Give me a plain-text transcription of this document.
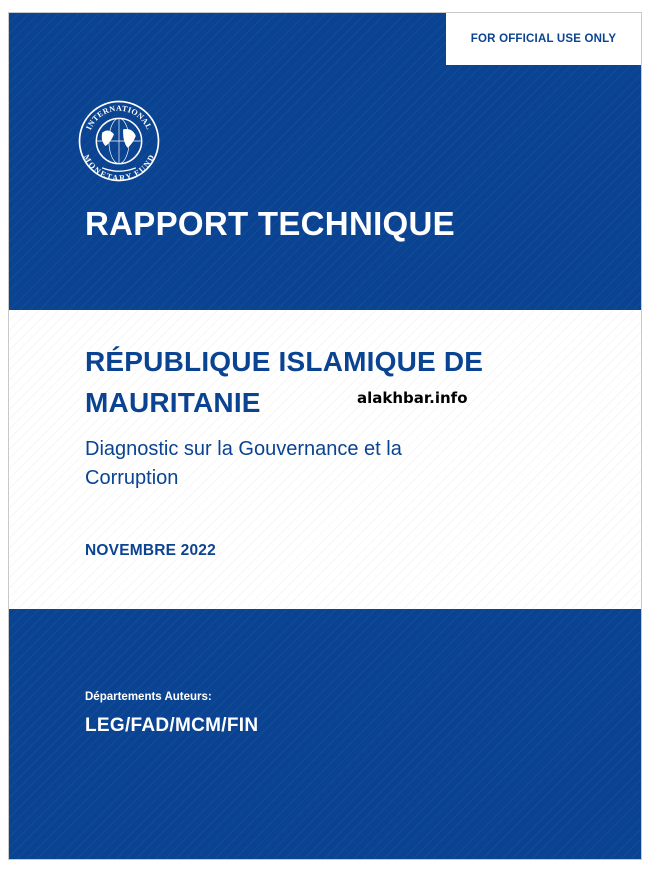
FOR OFFICIAL USE ONLY
INTERNATIONAL
MONETARY FUND
RAPPORT TECHNIQUE
RÉPUBLIQUE ISLAMIQUE DE
MAURITANIE	alakhbar.info
Diagnostic sur la Gouvernance et la
Corruption
NOVEMBRE 2022
Départements Auteurs:
LEG/FAD/MCM/FIN
